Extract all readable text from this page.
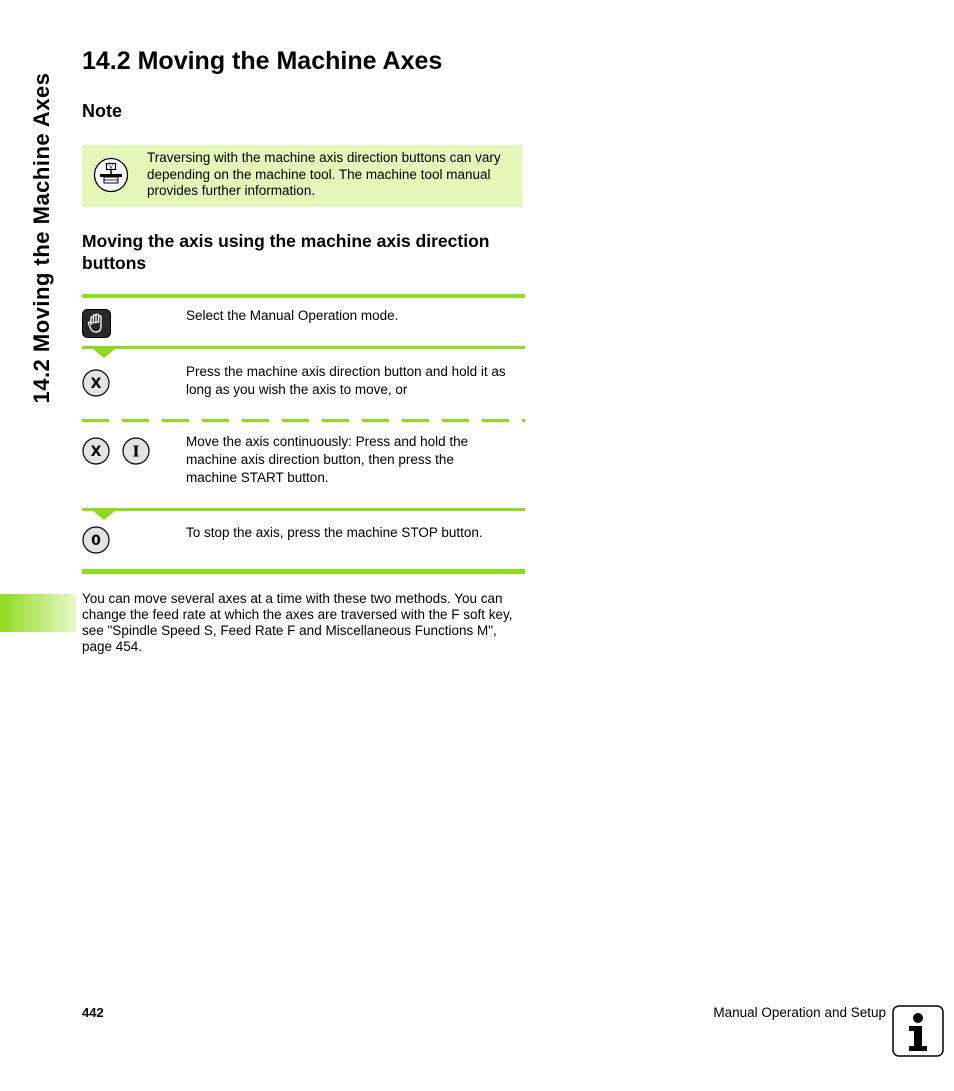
14.2 Moving the Machine Axes
14.2 Moving the Machine Axes
Note
V
Traversing with the machine axis direction buttons can vary depending on the machine tool. The machine tool manual provides further information.
Moving the axis using the machine axis direction buttons
Select the Manual Operation mode.
X
Press the machine axis direction button and hold it as long as you wish the axis to move, or
X I
Move the axis continuously: Press and hold the machine axis direction button, then press the machine START button.
0
To stop the axis, press the machine STOP button.
You can move several axes at a time with these two methods. You can change the feed rate at which the axes are traversed with the F soft key, see "Spindle Speed S, Feed Rate F and Miscellaneous Functions M", page 454.
442	Manual Operation and Setup
